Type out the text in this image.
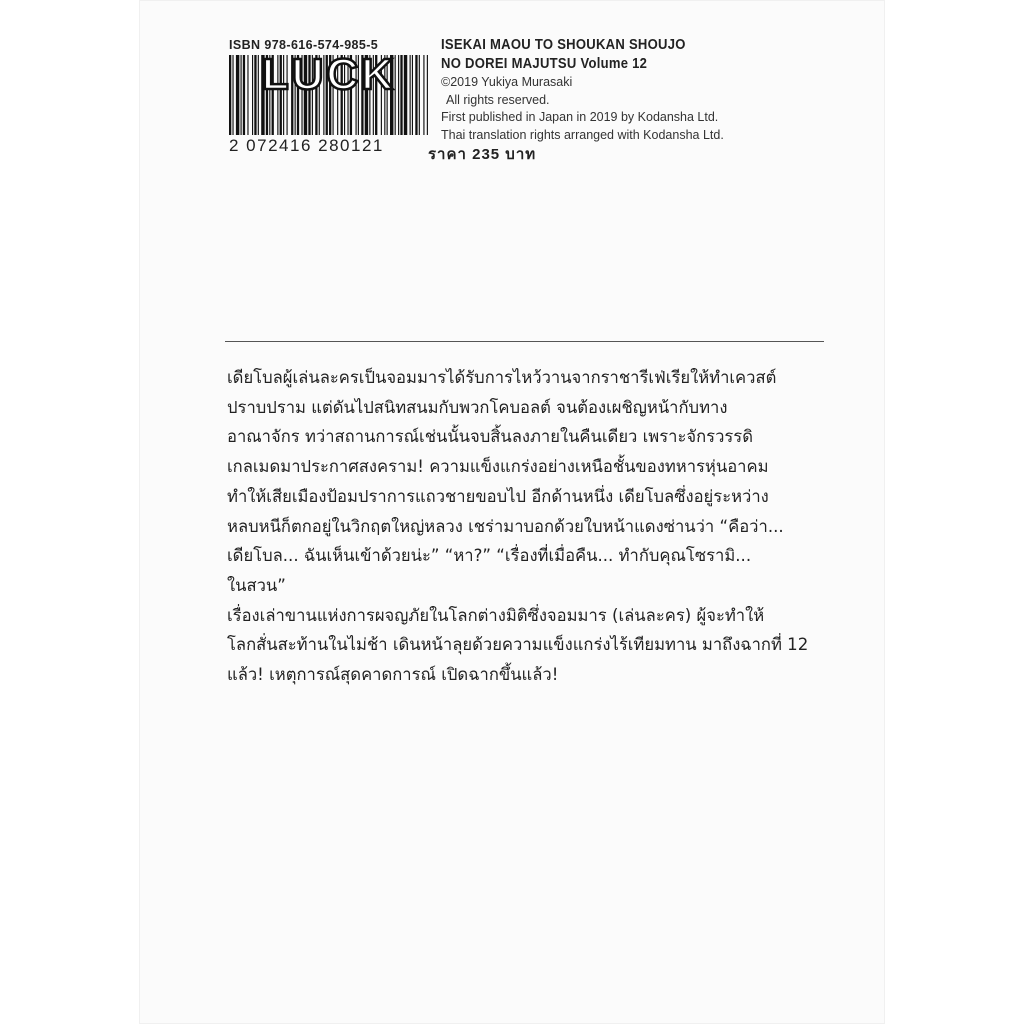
ISBN 978-616-574-985-5
LUCK
2 072416 280121
ISEKAI MAOU TO SHOUKAN SHOUJO
NO DOREI MAJUTSU Volume 12
©2019 Yukiya Murasaki
All rights reserved.
First published in Japan in 2019 by Kodansha Ltd.
Thai translation rights arranged with Kodansha Ltd.
ราคา 235 บาท
เดียโบลผู้เล่นละครเป็นจอมมารได้รับการไหว้วานจากราชารีเฟ่เรียให้ทำเควสต์
ปราบปราม แต่ดันไปสนิทสนมกับพวกโคบอลต์ จนต้องเผชิญหน้ากับทาง
อาณาจักร ทว่าสถานการณ์เช่นนั้นจบสิ้นลงภายในคืนเดียว เพราะจักรวรรดิ
เกลเมดมาประกาศสงคราม! ความแข็งแกร่งอย่างเหนือชั้นของทหารหุ่นอาคม
ทำให้เสียเมืองป้อมปราการแถวชายขอบไป อีกด้านหนึ่ง เดียโบลซึ่งอยู่ระหว่าง
หลบหนีก็ตกอยู่ในวิกฤตใหญ่หลวง เชร่ามาบอกด้วยใบหน้าแดงซ่านว่า “คือว่า...
เดียโบล... ฉันเห็นเข้าด้วยน่ะ” “หา?” “เรื่องที่เมื่อคืน... ทำกับคุณโซรามิ...
ในสวน”
เรื่องเล่าขานแห่งการผจญภัยในโลกต่างมิติซึ่งจอมมาร (เล่นละคร) ผู้จะทำให้
โลกสั่นสะท้านในไม่ช้า เดินหน้าลุยด้วยความแข็งแกร่งไร้เทียมทาน มาถึงฉากที่ 12
แล้ว! เหตุการณ์สุดคาดการณ์ เปิดฉากขึ้นแล้ว!
